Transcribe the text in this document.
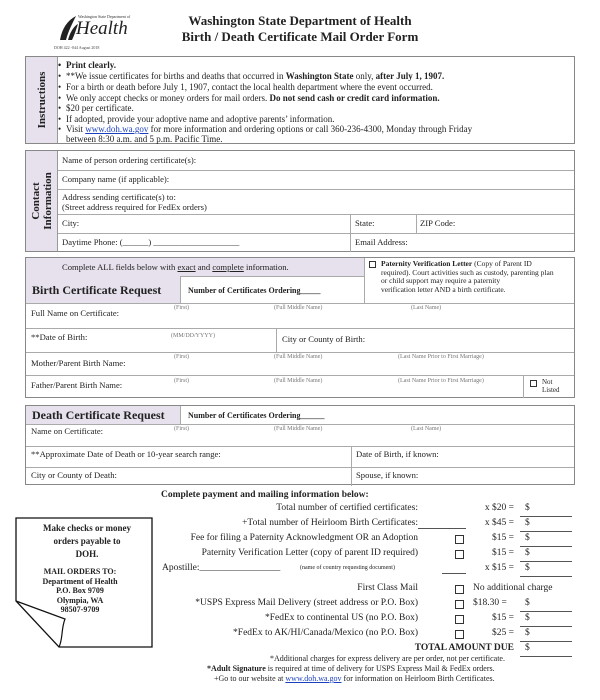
Washington State Department of
Health
DOH 422 -044 August 2018
Washington State Department of Health
Birth / Death Certificate Mail Order Form
Instructions
• Print clearly.
• **We issue certificates for births and deaths that occurred in Washington State only, after July 1, 1907.
• For a birth or death before July 1, 1907, contact the local health department where the event occurred.
• We only accept checks or money orders for mail orders. Do not send cash or credit card information.
• $20 per certificate.
• If adopted, provide your adoptive name and adoptive parents’ information.
• Visit www.doh.wa.gov for more information and ordering options or call 360-236-4300, Monday through Friday
between 8:30 a.m. and 5 p.m. Pacific Time.
Contact Information
Name of person ordering certificate(s):
Company name (if applicable):
Address sending certificate(s) to:
(Street address required for FedEx orders)
City:	State:	ZIP Code:
Daytime Phone: (______) ____________________	Email Address:
Complete ALL fields below with exact and complete information.	Paternity Verification Letter (Copy of Parent ID
required). Court activities such as custody, parenting plan
or child support may require a paternity
verification letter AND a birth certificate.
Birth Certificate Request	Number of Certificates Ordering_____
Full Name on Certificate:	(First)	(Full Middle Name)	(Last Name)
**Date of Birth:	(MM/DD/YYYY)	City or County of Birth:
Mother/Parent Birth Name:
(First)	(Full Middle Name)	(Last Name Prior to First Marriage)
Father/Parent Birth Name:	(First)	(Full Middle Name)	(Last Name Prior to First Marriage)	Not
Listed
Death Certificate Request	Number of Certificates Ordering______
Name on Certificate:	(First)	(Full Middle Name)	(Last Name)
**Approximate Date of Death or 10-year search range:	Date of Birth, if known:
City or County of Death:	Spouse, if known:
Make checks or money
orders payable to
DOH.
MAIL ORDERS TO:
Department of Health
P.O. Box 9709
Olympia, WA
98507-9709
Complete payment and mailing information below:
Total number of certified certificates:	x $20 =	$
+Total number of Heirloom Birth Certificates:	x $45 =	$
Fee for filing a Paternity Acknowledgment OR an Adoption	$15 =	$
Paternity Verification Letter (copy of parent ID required)	$15 =	$
Apostille:_________________	(name of country requesting document)	x $15 =	$
First Class Mail	No additional charge
*USPS Express Mail Delivery (street address or P.O. Box)	$18.30 =	$
*FedEx to continental US (no P.O. Box)	$15 =	$
*FedEx to AK/HI/Canada/Mexico (no P.O. Box)	$25 =	$
TOTAL AMOUNT DUE	$
*Additional charges for express delivery are per order, not per certificate.
*Adult Signature is required at time of delivery for USPS Express Mail & FedEx orders.
+Go to our website at www.doh.wa.gov for information on Heirloom Birth Certificates.
